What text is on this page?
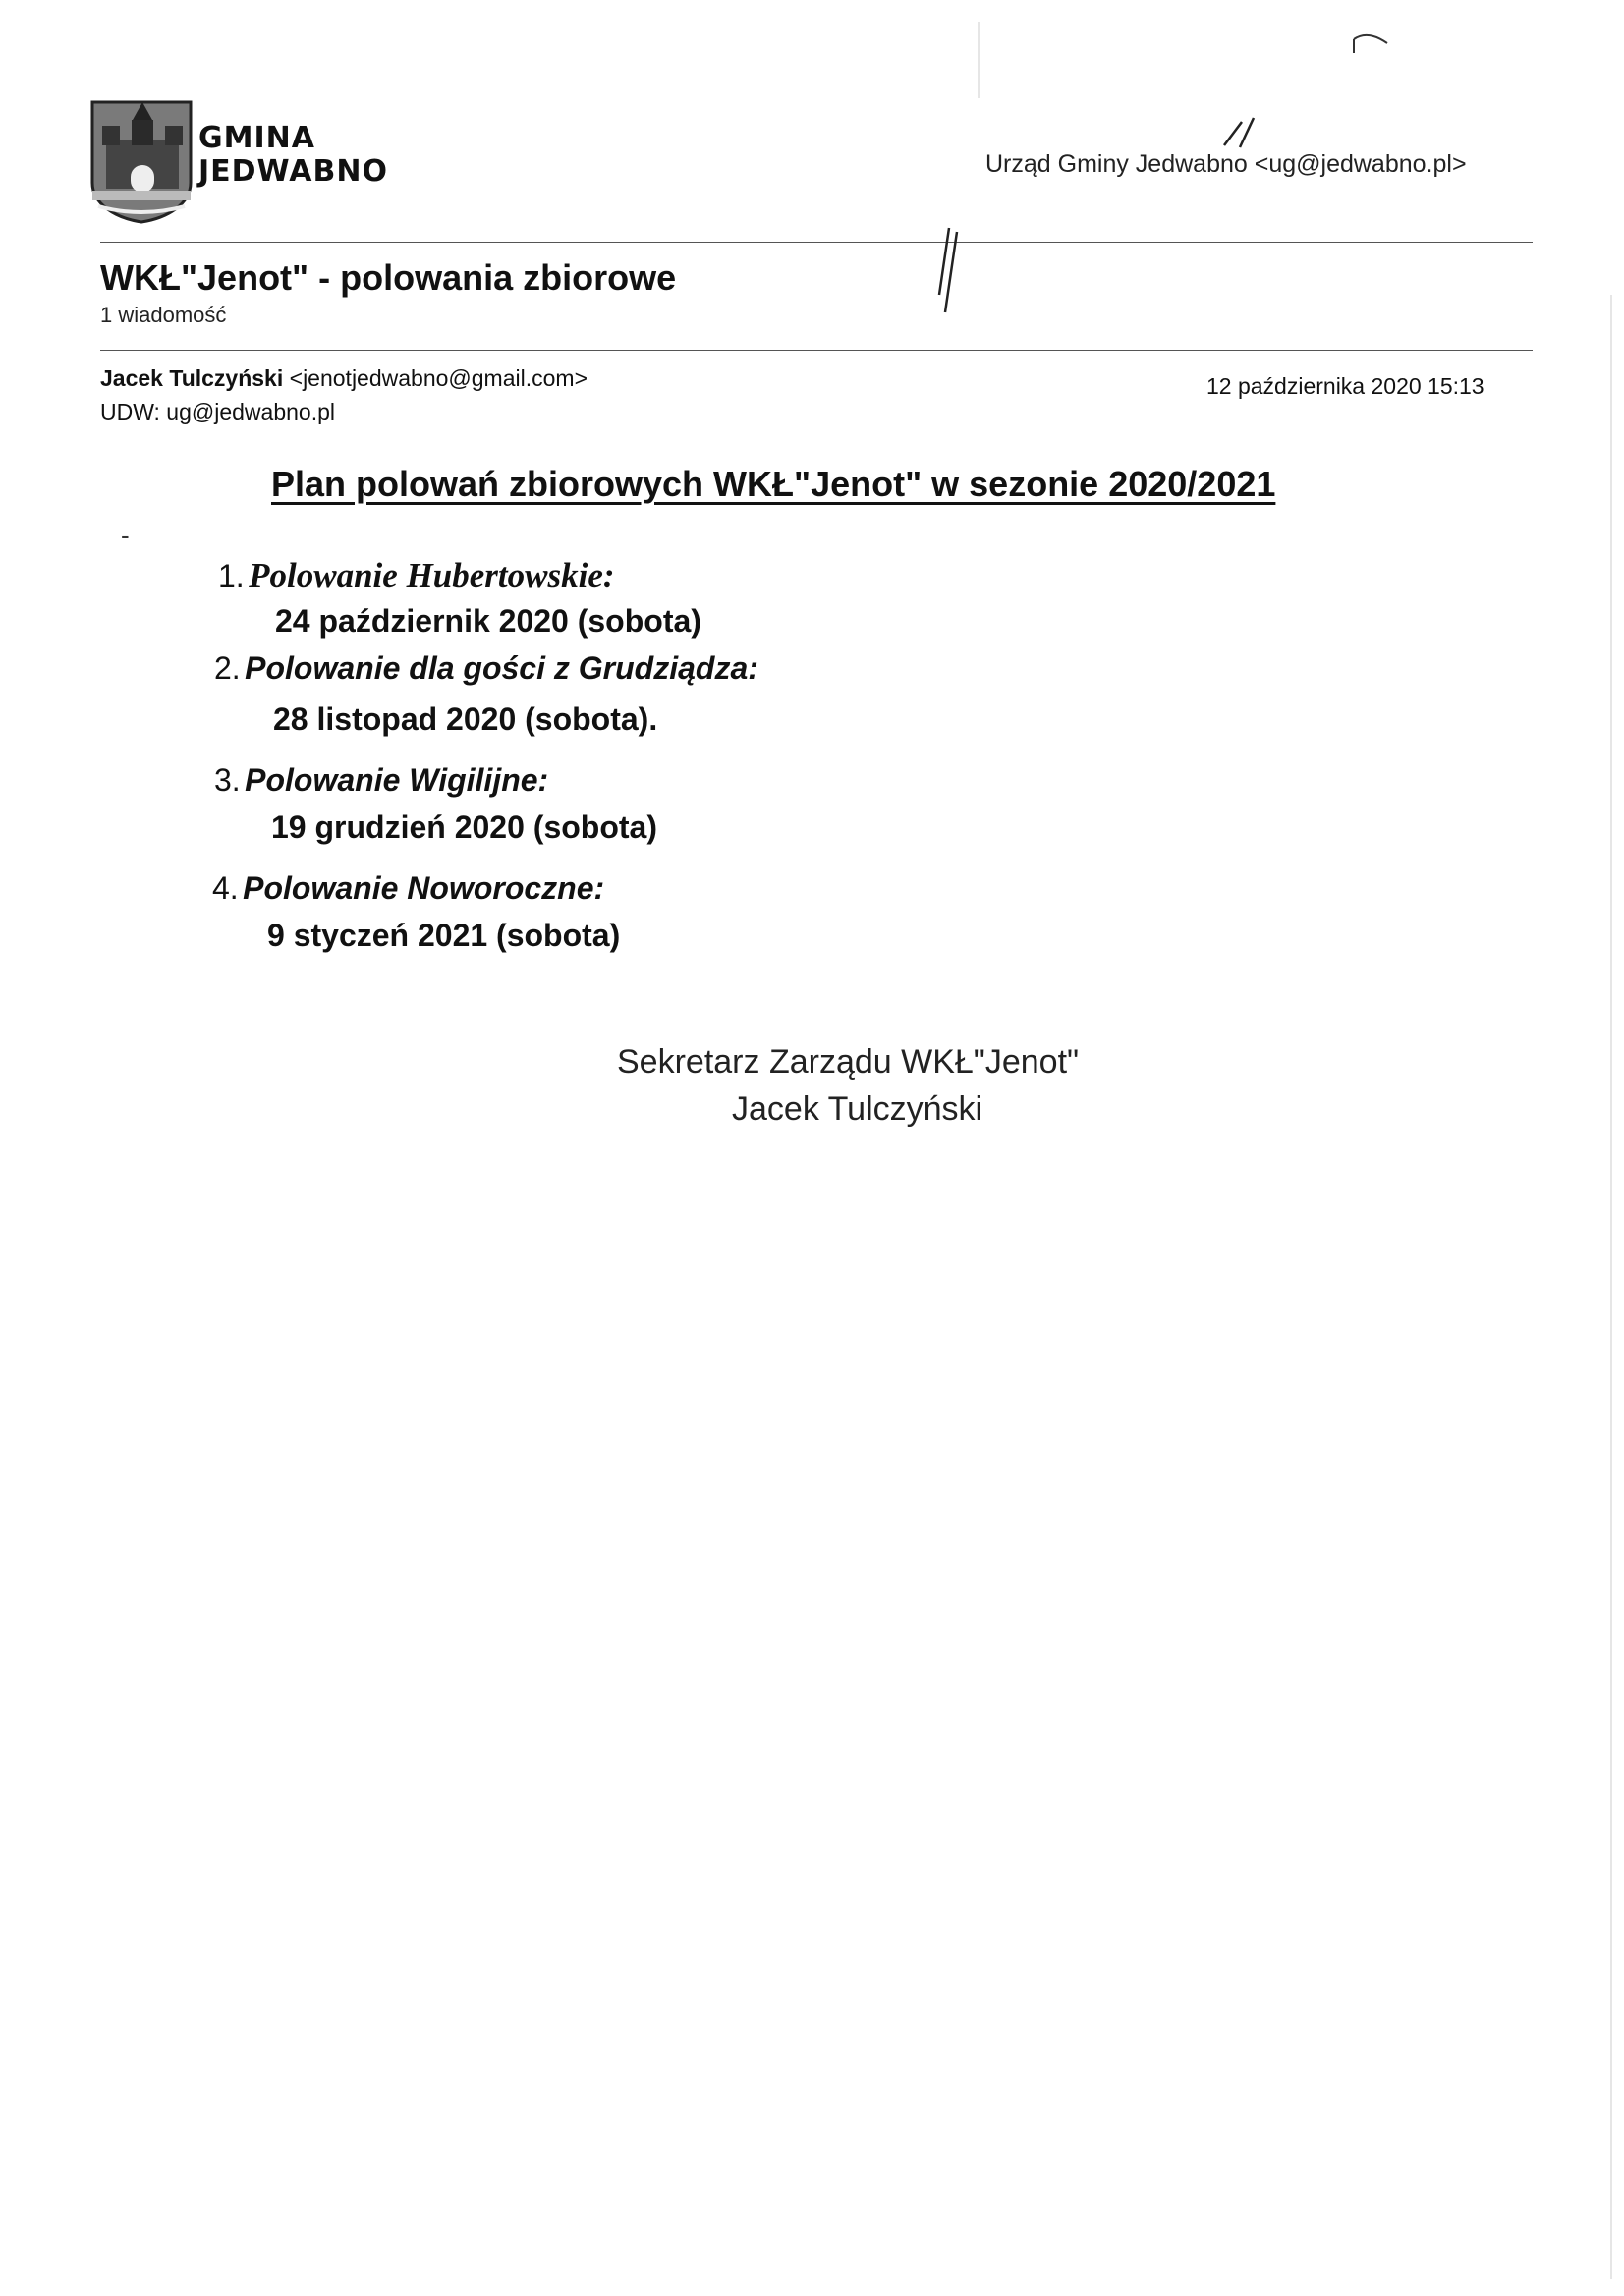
GMINA
JEDWABNO	Urząd Gminy Jedwabno <ug@jedwabno.pl>
WKŁ"Jenot" - polowania zbiorowe
1 wiadomość
Jacek Tulczyński <jenotjedwabno@gmail.com>
UDW: ug@jedwabno.pl
12 października 2020 15:13
Plan polowań zbiorowych WKŁ"Jenot" w sezonie 2020/2021
-
1. Polowanie Hubertowskie:
24 październik 2020 (sobota)
2. Polowanie dla gości z Grudziądza:
28 listopad 2020 (sobota).
3. Polowanie Wigilijne:
19 grudzień 2020 (sobota)
4. Polowanie Noworoczne:
9 styczeń 2021 (sobota)
Sekretarz Zarządu WKŁ"Jenot"
Jacek Tulczyński
